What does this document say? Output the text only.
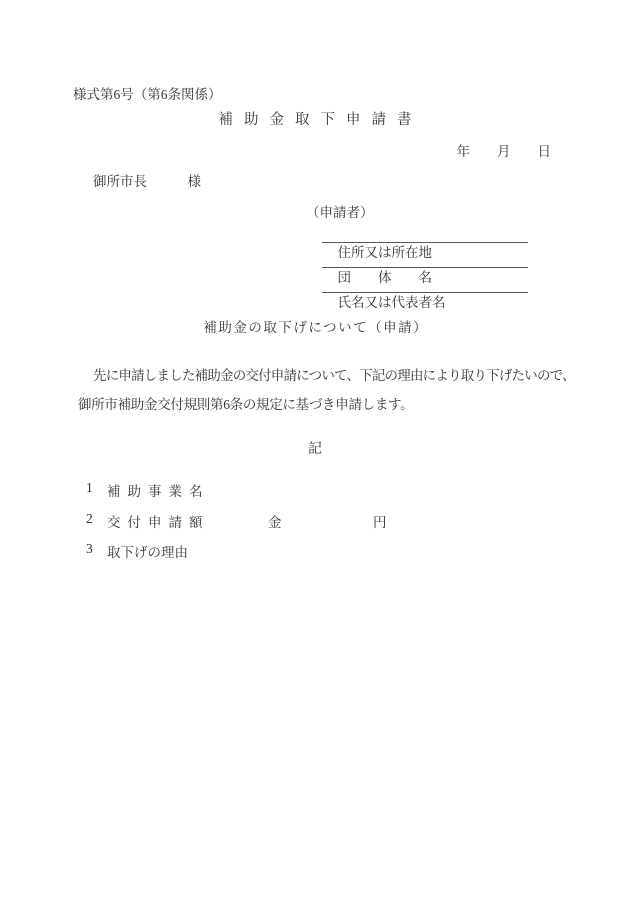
様式第6号（第6条関係）
補助金取下申請書
年　　月　　日
御所市長　　　様
（申請者）

住所又は所在地

団　　体　　名

氏名又は代表者名

補助金の取下げについて（申請）
先に申請しました補助金の交付申請について、下記の理由により取り下げたいので、
御所市補助金交付規則第6条の規定に基づき申請します。
記
1 補助事業名
2 交付申請額	金	円
3 取下げの理由
